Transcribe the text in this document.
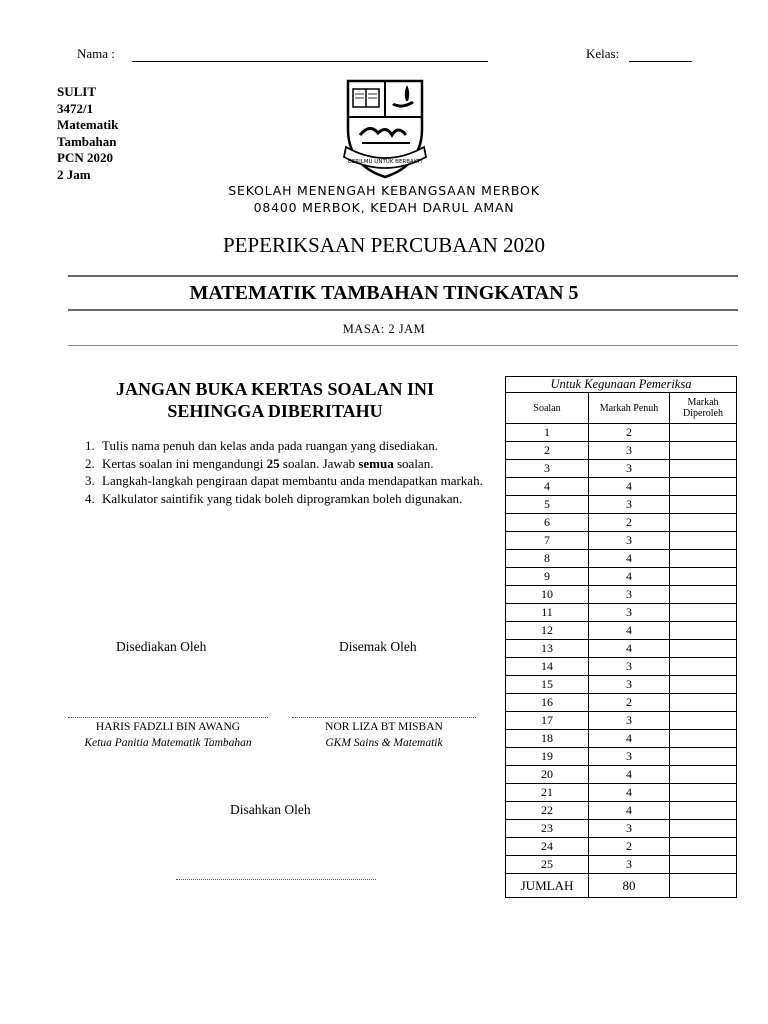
Nama :	Kelas:
SULIT
3472/1
Matematik
Tambahan
PCN 2020
2 Jam
BERILMU UNTUK BERBAKTI
SEKOLAH MENENGAH KEBANGSAAN MERBOK
08400 MERBOK, KEDAH DARUL AMAN
PEPERIKSAAN PERCUBAAN 2020
MATEMATIK TAMBAHAN TINGKATAN 5
MASA: 2 JAM
JANGAN BUKA KERTAS SOALAN INI
SEHINGGA DIBERITAHU
1. Tulis nama penuh dan kelas anda pada ruangan yang disediakan.
2. Kertas soalan ini mengandungi 25 soalan. Jawab semua soalan.
3. Langkah-langkah pengiraan dapat membantu anda mendapatkan markah.
4. Kalkulator saintifik yang tidak boleh diprogramkan boleh digunakan.
Disediakan Oleh	Disemak Oleh
HARIS FADZLI BIN AWANG
Ketua Panitia Matematik Tambahan
NOR LIZA BT MISBAN
GKM Sains & Matematik
Disahkan Oleh
Untuk Kegunaan Pemeriksa		
Soalan	Markah Penuh	Markah Diperoleh
1	2	
2	3	
3	3	
4	4	
5	3	
6	2	
7	3	
8	4	
9	4	
10	3	
11	3	
12	4	
13	4	
14	3	
15	3	
16	2	
17	3	
18	4	
19	3	
20	4	
21	4	
22	4	
23	3	
24	2	
25	3	
JUMLAH	80	
